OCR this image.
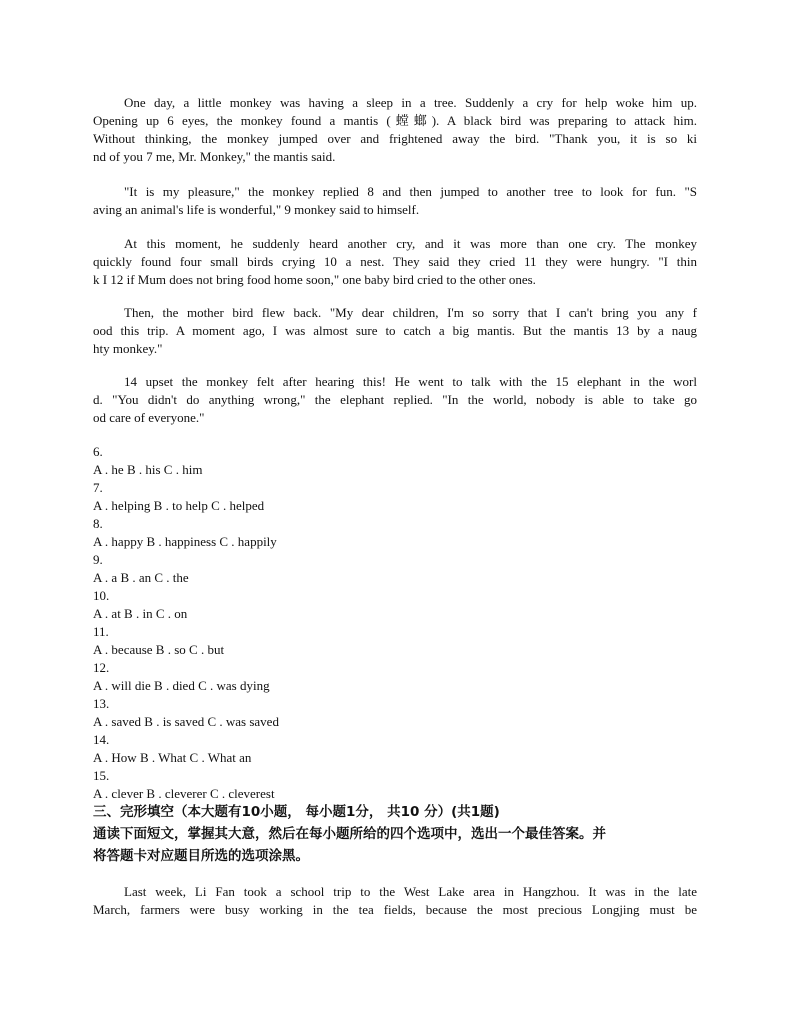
One day, a little monkey was having a sleep in a tree. Suddenly a cry for help woke him up.
Opening up 6 eyes, the monkey found a mantis (螳螂). A black bird was preparing to attack him.
Without thinking, the monkey jumped over and frightened away the bird. "Thank you, it is so ki
nd of you 7 me, Mr. Monkey," the mantis said.
"It is my pleasure," the monkey replied 8 and then jumped to another tree to look for fun. "S
aving an animal's life is wonderful," 9 monkey said to himself.
At this moment, he suddenly heard another cry, and it was more than one cry. The monkey
quickly found four small birds crying 10 a nest. They said they cried 11 they were hungry. "I thin
k I 12 if Mum does not bring food home soon," one baby bird cried to the other ones.
Then, the mother bird flew back. "My dear children, I'm so sorry that I can't bring you any f
ood this trip. A moment ago, I was almost sure to catch a big mantis. But the mantis 13 by a naug
hty monkey."
14 upset the monkey felt after hearing this! He went to talk with the 15 elephant in the worl
d. "You didn't do anything wrong," the elephant replied. "In the world, nobody is able to take go
od care of everyone."
6.
A . he B . his C . him
7.
A . helping B . to help C . helped
8.
A . happy B . happiness C . happily
9.
A . a B . an C . the
10.
A . at B . in C . on
11.
A . because B . so C . but
12.
A . will die B . died C . was dying
13.
A . saved B . is saved C . was saved
14.
A . How B . What C . What an
15.
A . clever B . cleverer C . cleverest
三、完形填空（本大题有10小题， 每小题1分， 共10 分）(共1题)
通读下面短文，掌握其大意，然后在每小题所给的四个选项中，选出一个最佳答案。并
将答题卡对应题目所选的选项涂黑。
Last week, Li Fan took a school trip to the West Lake area in Hangzhou. It was in the late
March, farmers were busy working in the tea fields, because the most precious Longjing must be
